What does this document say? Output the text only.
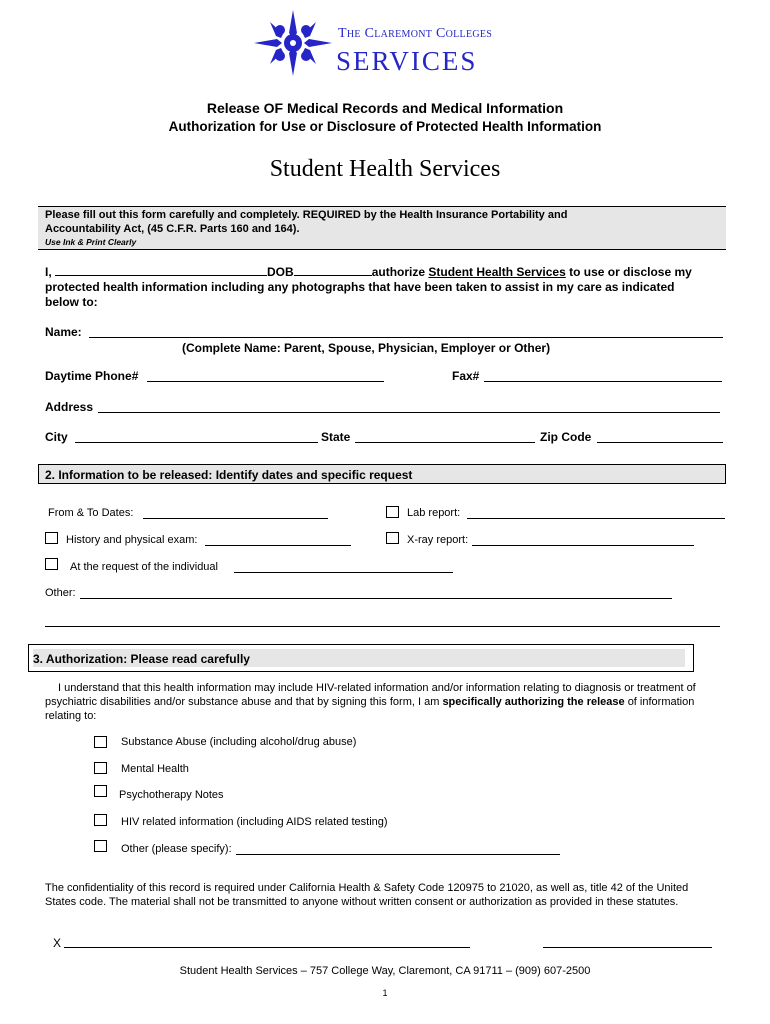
The Claremont Colleges
SERVICES
Release OF Medical Records and Medical Information
Authorization for Use or Disclosure of Protected Health Information
Student Health Services
Please fill out this form carefully and completely. REQUIRED by the Health Insurance Portability and
Accountability Act, (45 C.F.R. Parts 160 and 164).
Use Ink & Print Clearly
I,	DOB	authorize Student Health Services to use or disclose my
protected health information including any photographs that have been taken to assist in my care as indicated
below to:
Name:
(Complete Name: Parent, Spouse, Physician, Employer or Other)
Daytime Phone#	Fax#
Address
City	State	Zip Code
2. Information to be released: Identify dates and specific request
From & To Dates:	Lab report:
History and physical exam:	X-ray report:
At the request of the individual
Other:
3. Authorization: Please read carefully
I understand that this health information may include HIV-related information and/or information relating to diagnosis or treatment of
psychiatric disabilities and/or substance abuse and that by signing this form, I am specifically authorizing the release of information
relating to:
Substance Abuse (including alcohol/drug abuse)
Mental Health
Psychotherapy Notes
HIV related information (including AIDS related testing)
Other (please specify):
The confidentiality of this record is required under California Health & Safety Code 120975 to 21020, as well as, title 42 of the United
States code. The material shall not be transmitted to anyone without written consent or authorization as provided in these statutes.
X
Student Health Services – 757 College Way, Claremont, CA 91711 – (909) 607-2500
1
